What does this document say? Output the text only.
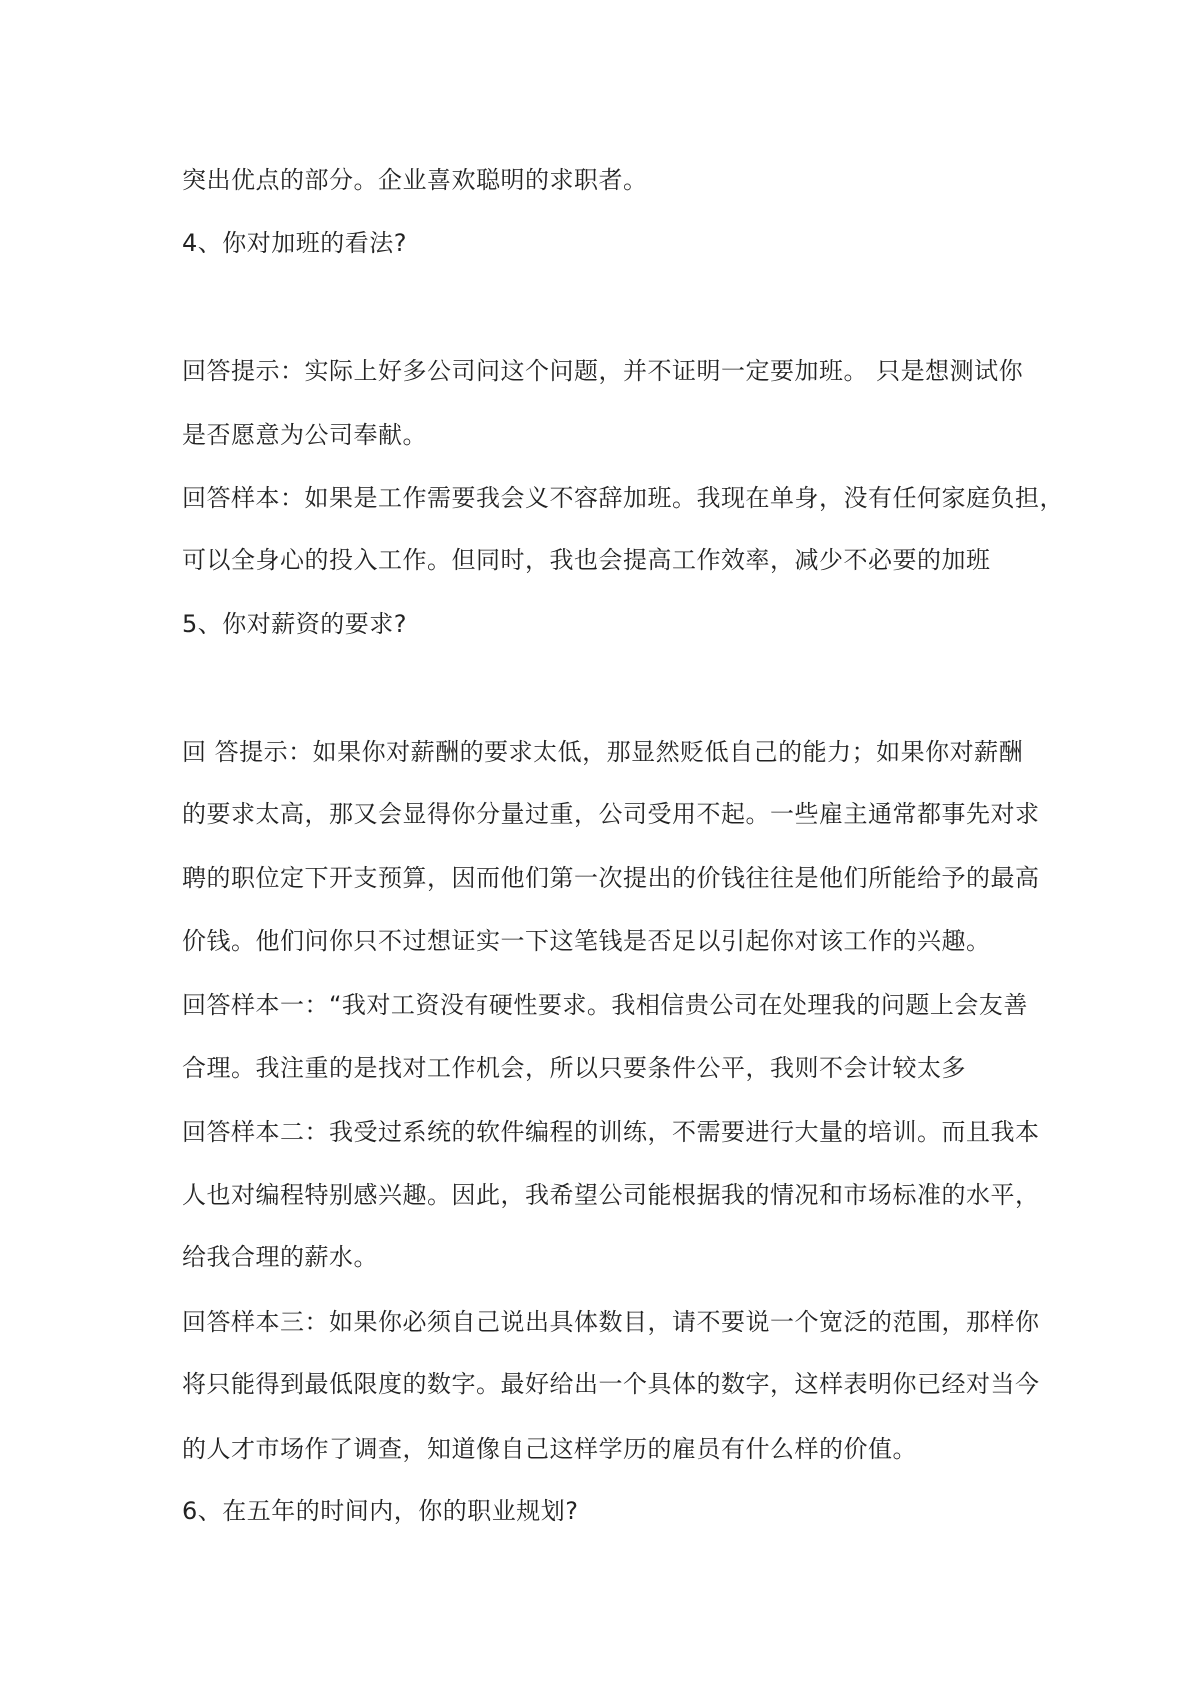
突出优点的部分。企业喜欢聪明的求职者。
4、你对加班的看法?
回答提示：实际上好多公司问这个问题，并不证明一定要加班。 只是想测试你
是否愿意为公司奉献。
回答样本：如果是工作需要我会义不容辞加班。我现在单身，没有任何家庭负担，
可以全身心的投入工作。但同时，我也会提高工作效率，减少不必要的加班
5、你对薪资的要求?
回 答提示：如果你对薪酬的要求太低，那显然贬低自己的能力；如果你对薪酬
的要求太高，那又会显得你分量过重，公司受用不起。一些雇主通常都事先对求
聘的职位定下开支预算，因而他们第一次提出的价钱往往是他们所能给予的最高
价钱。他们问你只不过想证实一下这笔钱是否足以引起你对该工作的兴趣。
回答样本一：“我对工资没有硬性要求。我相信贵公司在处理我的问题上会友善
合理。我注重的是找对工作机会，所以只要条件公平，我则不会计较太多
回答样本二：我受过系统的软件编程的训练，不需要进行大量的培训。而且我本
人也对编程特别感兴趣。因此，我希望公司能根据我的情况和市场标准的水平，
给我合理的薪水。
回答样本三：如果你必须自己说出具体数目，请不要说一个宽泛的范围，那样你
将只能得到最低限度的数字。最好给出一个具体的数字，这样表明你已经对当今
的人才市场作了调查，知道像自己这样学历的雇员有什么样的价值。
6、在五年的时间内，你的职业规划?
